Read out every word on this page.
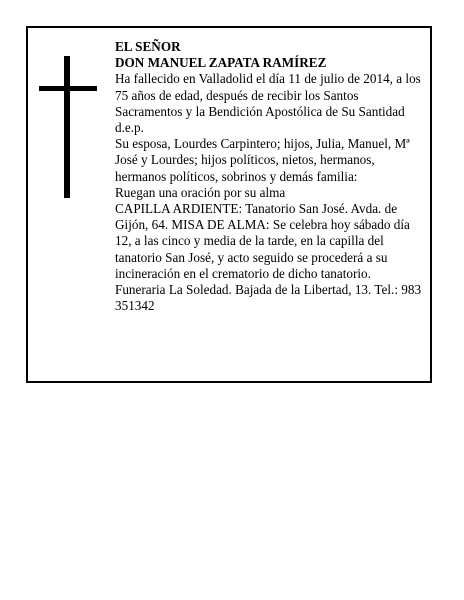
EL SEÑOR

DON MANUEL ZAPATA RAMÍREZ

Ha fallecido en Valladolid el día 11 de julio de 2014, a los 75 años de edad, después de recibir los Santos Sacramentos y la Bendición Apostólica de Su Santidad d.e.p.

Su esposa, Lourdes Carpintero; hijos, Julia, Manuel, Mª José y Lourdes; hijos políticos, nietos, hermanos, hermanos políticos, sobrinos y demás familia:

Ruegan una oración por su alma

CAPILLA ARDIENTE: Tanatorio San José. Avda. de Gijón, 64. MISA DE ALMA: Se celebra hoy sábado día 12, a las cinco y media de la tarde, en la capilla del tanatorio San José, y acto seguido se procederá a su incineración en el crematorio de dicho tanatorio.

Funeraria La Soledad. Bajada de la Libertad, 13. Tel.: 983 351342
